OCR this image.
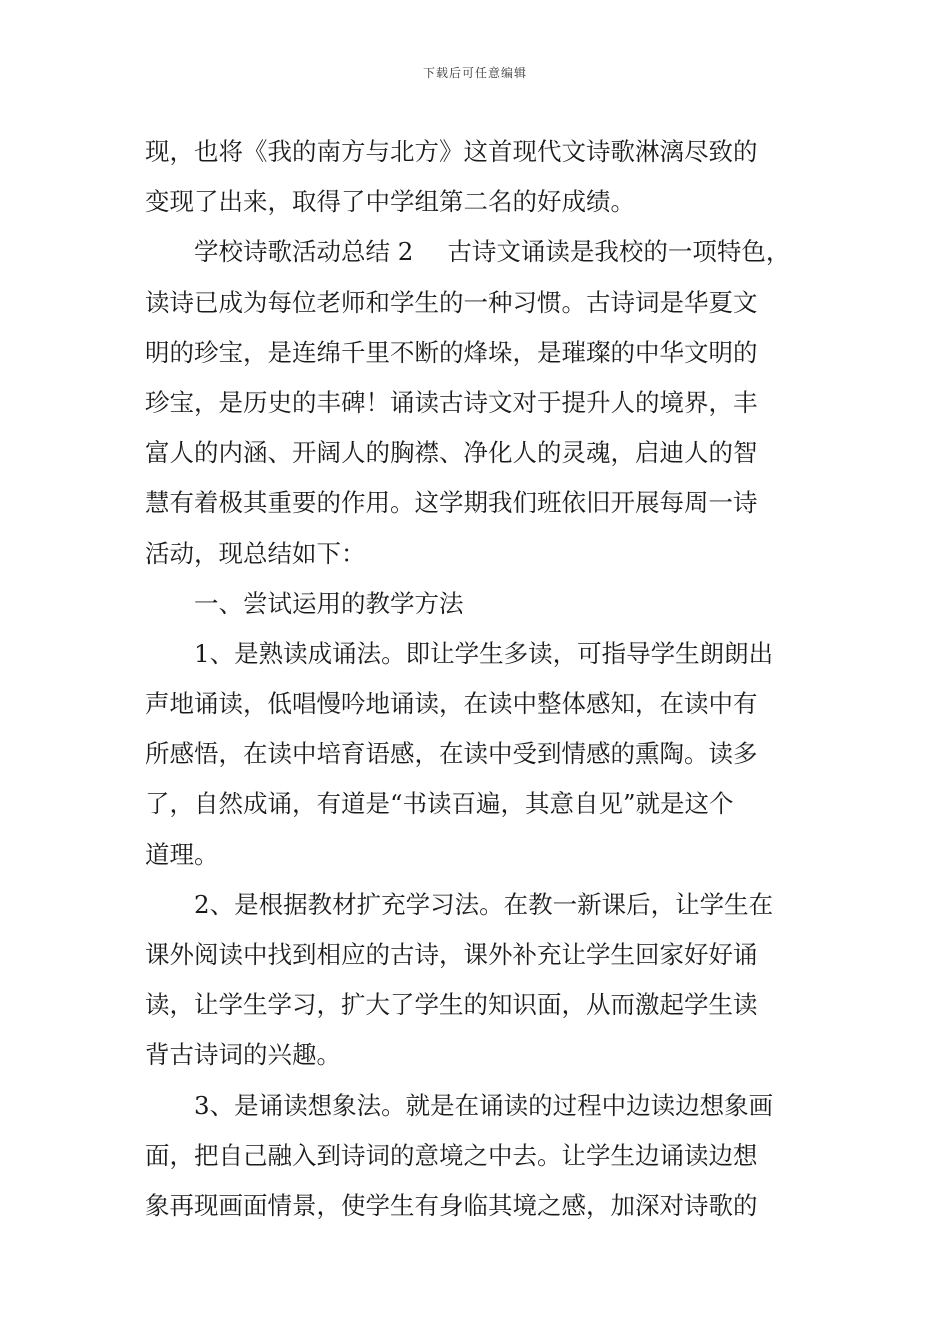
下载后可任意编辑
现，也将《我的南方与北方》这首现代文诗歌淋漓尽致的
变现了出来，取得了中学组第二名的好成绩。
学校诗歌活动总结 2 古诗文诵读是我校的一项特色，
读诗已成为每位老师和学生的一种习惯。古诗词是华夏文
明的珍宝，是连绵千里不断的烽垛，是璀璨的中华文明的
珍宝，是历史的丰碑！诵读古诗文对于提升人的境界，丰
富人的内涵、开阔人的胸襟、净化人的灵魂，启迪人的智
慧有着极其重要的作用。这学期我们班依旧开展每周一诗
活动，现总结如下：
一、尝试运用的教学方法
1、是熟读成诵法。即让学生多读，可指导学生朗朗出
声地诵读，低唱慢吟地诵读，在读中整体感知，在读中有
所感悟，在读中培育语感，在读中受到情感的熏陶。读多
了，自然成诵，有道是“书读百遍，其意自见”就是这个
道理。
2、是根据教材扩充学习法。在教一新课后，让学生在
课外阅读中找到相应的古诗，课外补充让学生回家好好诵
读，让学生学习，扩大了学生的知识面，从而激起学生读
背古诗词的兴趣。
3、是诵读想象法。就是在诵读的过程中边读边想象画
面，把自己融入到诗词的意境之中去。让学生边诵读边想
象再现画面情景，使学生有身临其境之感，加深对诗歌的
